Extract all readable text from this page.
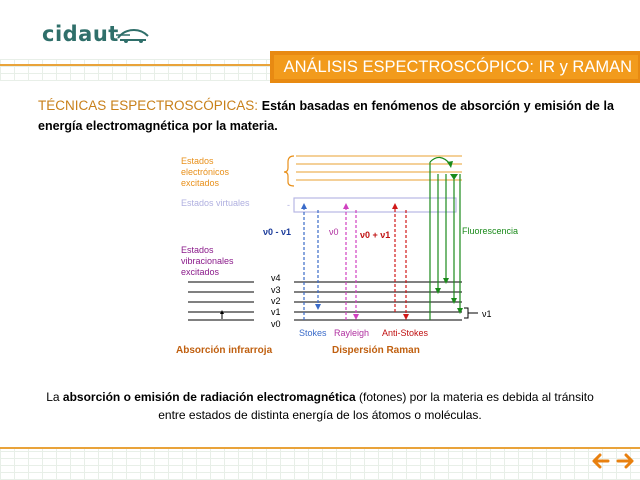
cidaut
ANÁLISIS ESPECTROSCÓPICO: IR y RAMAN
TÉCNICAS ESPECTROSCÓPICAS: Están basadas en fenómenos de absorción y emisión de la energía electromagnética por la materia.
Estados
electrónicos
excitados
Estados virtuales
Estados
vibracionales
excitados
-
v4
v3
v2
v1
v0
ν1
ν0 - ν1	ν0 ν0 + ν1	Fluorescencia
Stokes Rayleigh Anti-Stokes
Absorción infrarroja	Dispersión Raman
La absorción o emisión de radiación electromagnética (fotones) por la materia es debida al tránsito entre estados de distinta energía de los átomos o moléculas.
